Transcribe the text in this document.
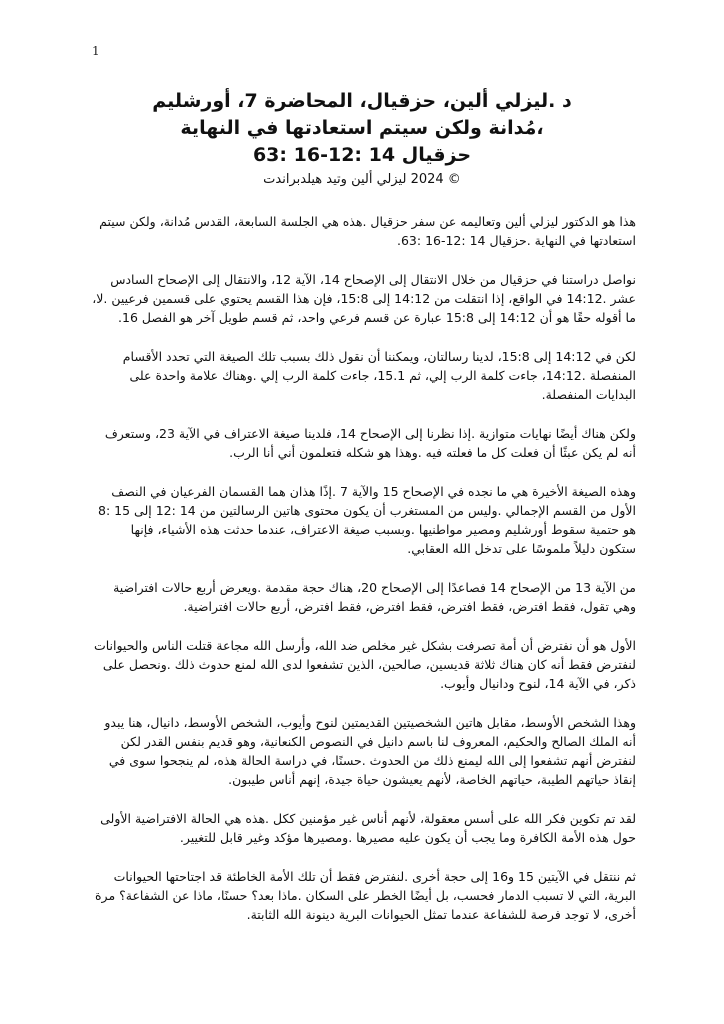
1

د .ليزلي ألين، حزقيال، المحاضرة 7، أورشليم

،مُدانة ولكن سيتم استعادتها في النهاية

حزقيال 14 :12-16 :63

© 2024 ليزلي ألين وتيد هيلدبراندت

هذا هو الدكتور ليزلي ألين وتعاليمه عن سفر حزقيال .هذه هي الجلسة السابعة، القدس مُدانة، ولكن سيتم استعادتها في النهاية .حزقيال 14 :12-16 :63.

نواصل دراستنا في حزقيال من خلال الانتقال إلى الإصحاح 14، الآية 12، والانتقال إلى الإصحاح السادس عشر .14:12 في الواقع، إذا انتقلت من 14:12 إلى 15:8، فإن هذا القسم يحتوي على قسمين فرعيين .لا، ما أقوله حقًا هو أن 14:12 إلى 15:8 عبارة عن قسم فرعي واحد، ثم قسم طويل آخر هو الفصل 16.

لكن في 14:12 إلى 15:8، لدينا رسالتان، ويمكننا أن نقول ذلك بسبب تلك الصيغة التي تحدد الأقسام المنفصلة .14:12، جاءت كلمة الرب إلي، ثم 15.1، جاءت كلمة الرب إلي .وهناك علامة واحدة على البدايات المنفصلة.

ولكن هناك أيضًا نهايات متوازية .إذا نظرنا إلى الإصحاح 14، فلدينا صيغة الاعتراف في الآية 23، وستعرف أنه لم يكن عبثًا أن فعلت كل ما فعلته فيه .وهذا هو شكله فتعلمون أني أنا الرب.

وهذه الصيغة الأخيرة هي ما نجده في الإصحاح 15 والآية 7 .إذًا هذان هما القسمان الفرعيان في النصف الأول من القسم الإجمالي .وليس من المستغرب أن يكون محتوى هاتين الرسالتين من 14 :12 إلى 15 :8 هو حتمية سقوط أورشليم ومصير مواطنيها .وبسبب صيغة الاعتراف، عندما حدثت هذه الأشياء، فإنها ستكون دليلاً ملموسًا على تدخل الله العقابي.

من الآية 13 من الإصحاح 14 فصاعدًا إلى الإصحاح 20، هناك حجة مقدمة .ويعرض أربع حالات افتراضية وهي تقول، فقط افترض، فقط افترض، فقط افترض، فقط افترض، أربع حالات افتراضية.

الأول هو أن نفترض أن أمة تصرفت بشكل غير مخلص ضد الله، وأرسل الله مجاعة قتلت الناس والحيوانات لنفترض فقط أنه كان هناك ثلاثة قديسين، صالحين، الذين تشفعوا لدى الله لمنع حدوث ذلك .ونحصل على ذكر، في الآية 14، لنوح ودانيال وأيوب.

وهذا الشخص الأوسط، مقابل هاتين الشخصيتين القديمتين لنوح وأيوب، الشخص الأوسط، دانيال، هنا يبدو أنه الملك الصالح والحكيم، المعروف لنا باسم دانيل في النصوص الكنعانية، وهو قديم بنفس القدر لكن لنفترض أنهم تشفعوا إلى الله ليمنع ذلك من الحدوث .حسنًا، في دراسة الحالة هذه، لم ينجحوا سوى في إنقاذ حياتهم الطيبة، حياتهم الخاصة، لأنهم يعيشون حياة جيدة، إنهم أناس طيبون.

لقد تم تكوين فكر الله على أسس معقولة، لأنهم أناس غير مؤمنين ككل .هذه هي الحالة الافتراضية الأولى حول هذه الأمة الكافرة وما يجب أن يكون عليه مصيرها .ومصيرها مؤكد وغير قابل للتغيير.

ثم ننتقل في الآيتين 15 و16 إلى حجة أخرى .لنفترض فقط أن تلك الأمة الخاطئة قد اجتاحتها الحيوانات البرية، التي لا تسبب الدمار فحسب، بل أيضًا الخطر على السكان .ماذا بعد؟ حسنًا، ماذا عن الشفاعة؟ مرة أخرى، لا توجد فرصة للشفاعة عندما تمثل الحيوانات البرية دينونة الله الثابتة.
